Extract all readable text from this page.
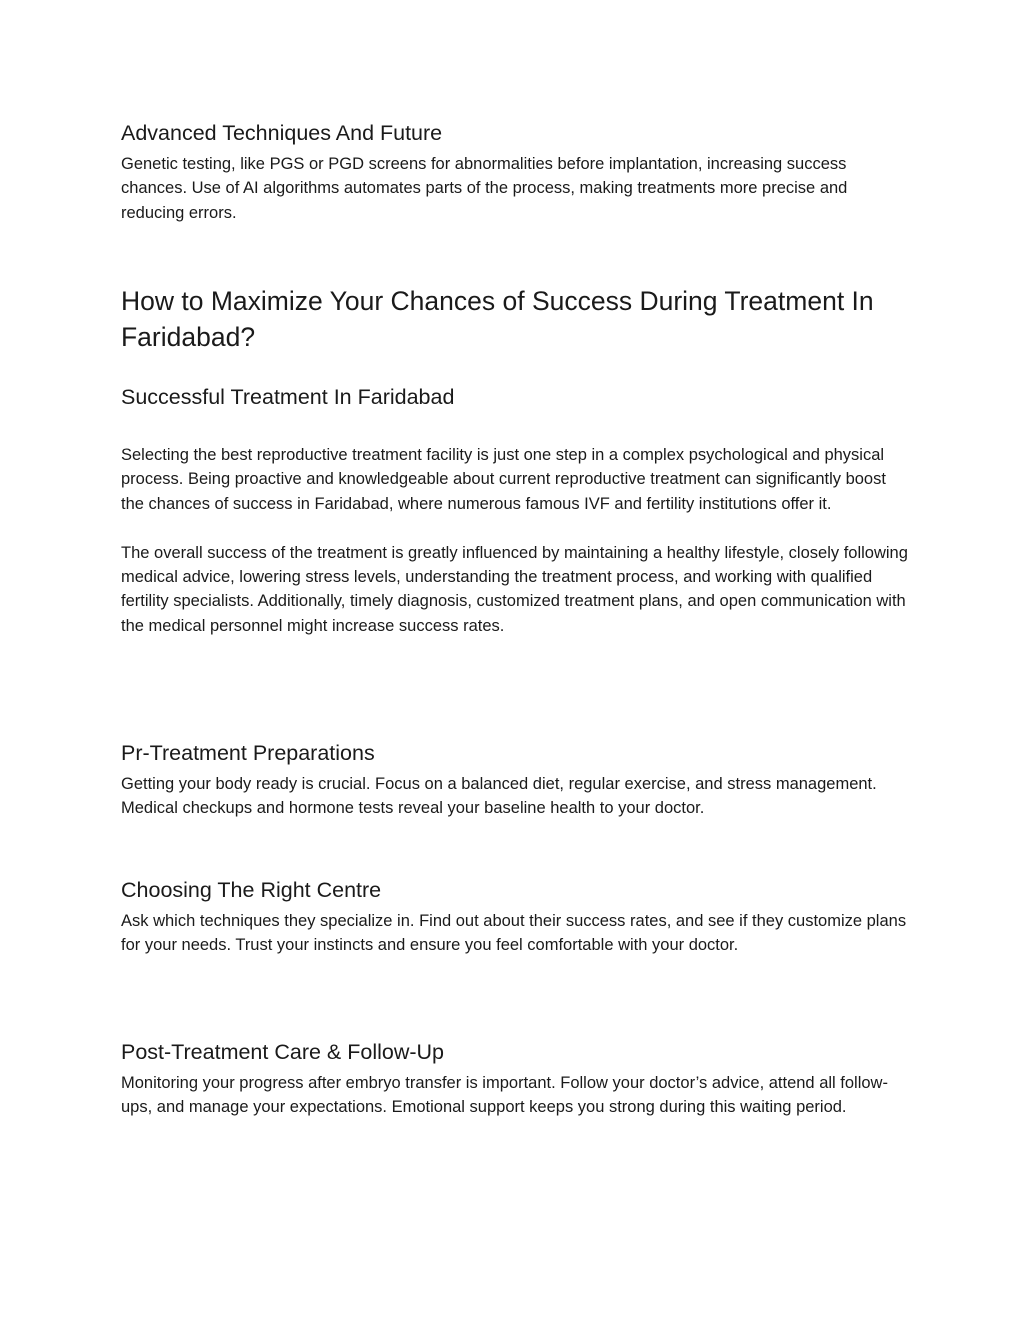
Advanced Techniques And Future

Genetic testing, like PGS or PGD screens for abnormalities before implantation, increasing success chances. Use of AI algorithms automates parts of the process, making treatments more precise and reducing errors.

How to Maximize Your Chances of Success During Treatment In Faridabad?
Successful Treatment In Faridabad

Selecting the best reproductive treatment facility is just one step in a complex psychological and physical process. Being proactive and knowledgeable about current reproductive treatment can significantly boost the chances of success in Faridabad, where numerous famous IVF and fertility institutions offer it.

The overall success of the treatment is greatly influenced by maintaining a healthy lifestyle, closely following medical advice, lowering stress levels, understanding the treatment process, and working with qualified fertility specialists. Additionally, timely diagnosis, customized treatment plans, and open communication with the medical personnel might increase success rates.

Pr-Treatment Preparations

Getting your body ready is crucial. Focus on a balanced diet, regular exercise, and stress management. Medical checkups and hormone tests reveal your baseline health to your doctor.

Choosing The Right Centre

Ask which techniques they specialize in. Find out about their success rates, and see if they customize plans for your needs. Trust your instincts and ensure you feel comfortable with your doctor.

Post-Treatment Care & Follow-Up

Monitoring your progress after embryo transfer is important. Follow your doctor’s advice, attend all follow-ups, and manage your expectations. Emotional support keeps you strong during this waiting period.
